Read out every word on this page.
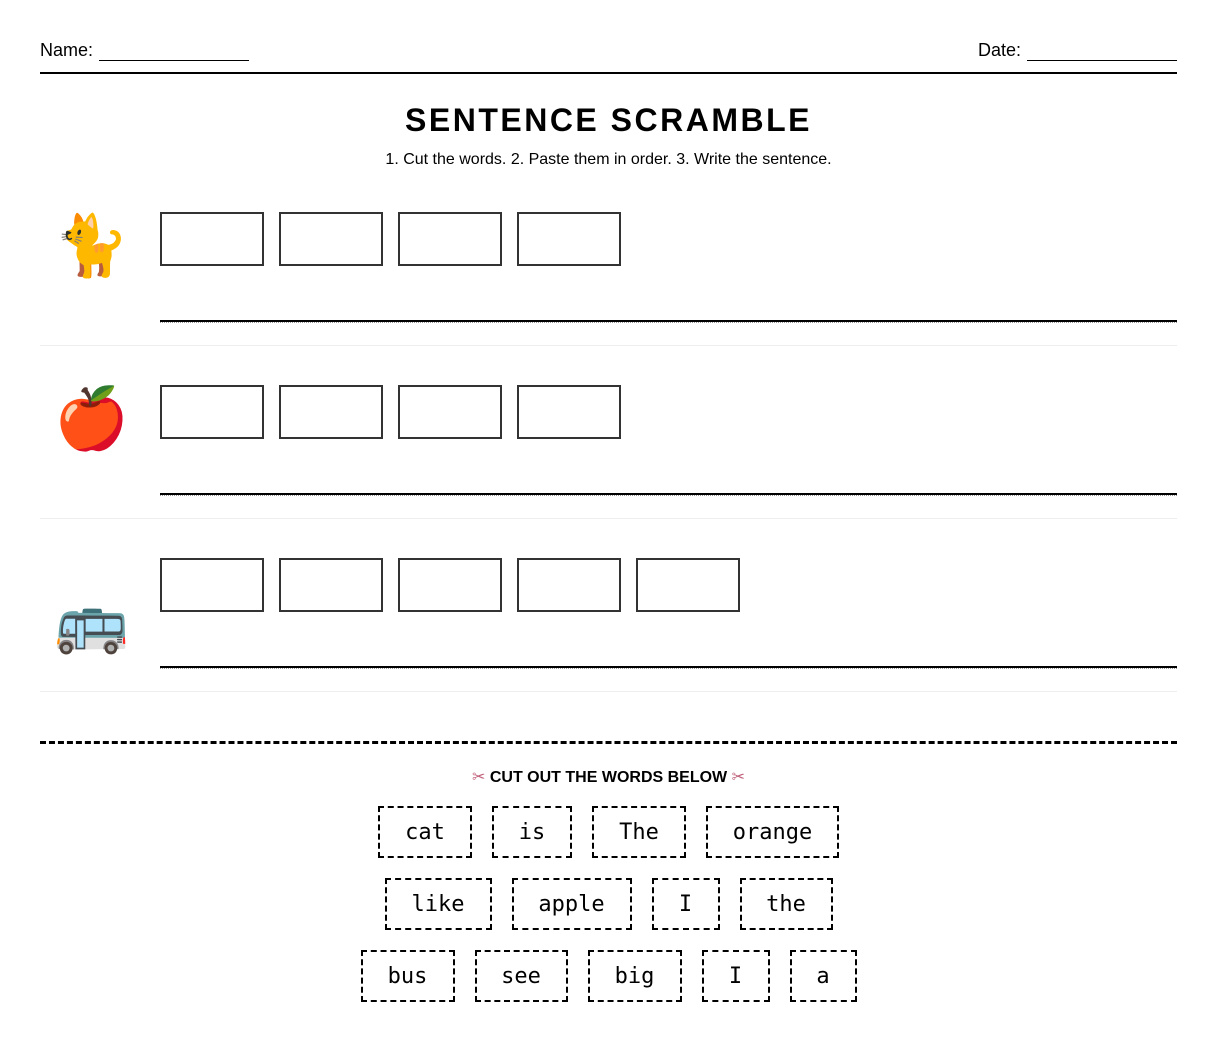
Name:	Date:
SENTENCE SCRAMBLE
1. Cut the words. 2. Paste them in order. 3. Write the sentence.
🐈
🍎
🚌
✂ CUT OUT THE WORDS BELOW ✂
cat	is	The	orange
like	apple	I	the
bus	see	big	I	a
